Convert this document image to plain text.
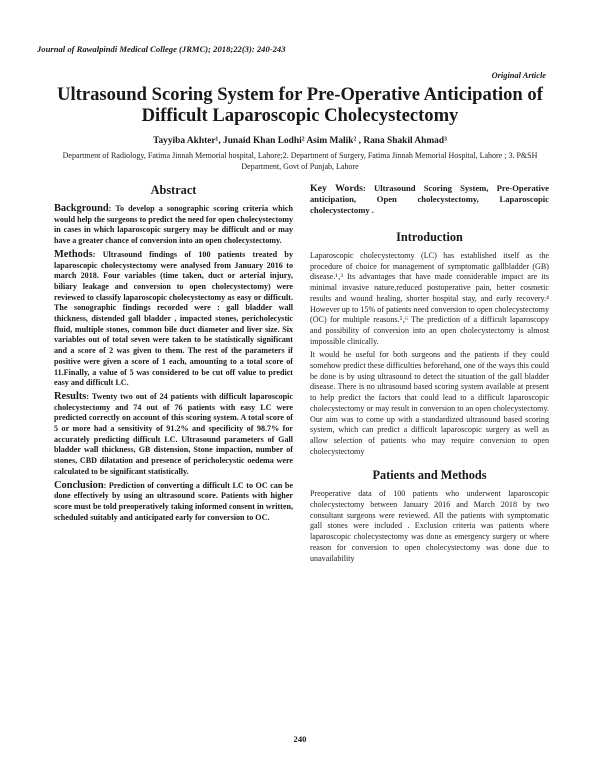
Journal of Rawalpindi Medical College (JRMC); 2018;22(3): 240-243
Original Article
Ultrasound Scoring System for Pre-Operative Anticipation of Difficult Laparoscopic Cholecystectomy
Tayyiba Akhter¹, Junaid Khan Lodhi² Asim Malik² , Rana Shakil Ahmad³
Department of Radiology, Fatima Jinnah Memorial hospital, Lahore;2. Department of Surgery, Fatima Jinnah Memorial Hospital, Lahore ; 3. P&SH Department, Govt of Punjab, Lahore
Abstract

Background: To develop a sonographic scoring criteria which would help the surgeons to predict the need for open cholecystectomy in cases in which laparoscopic surgery may be difficult and or may have a greater chance of conversion into an open cholecystectomy.

Methods: Ultrasound findings of 100 patients treated by laparoscopic cholecystectomy were analysed from January 2016 to march 2018. Four variables (time taken, duct or arterial injury, biliary leakage and conversion to open cholecystectomy) were reviewed to classify laparoscopic cholecystectomy as easy or difficult. The sonographic findings recorded were : gall bladder wall thickness, distended gall bladder , impacted stones, pericholecystic fluid, multiple stones, common bile duct diameter and liver size. Six variables out of total seven were taken to be statistically significant and a score of 2 was given to them. The rest of the parameters if positive were given a score of 1 each, amounting to a total score of 11.Finally, a value of 5 was considered to be cut off value to predict easy and difficult LC.

Results: Twenty two out of 24 patients with difficult laparoscopic cholecystectomy and 74 out of 76 patients with easy LC were predicted correctly on account of this scoring system. A total score of 5 or more had a sensitivity of 91.2% and specificity of 98.7% for accurately predicting difficult LC. Ultrasound parameters of Gall bladder wall thickness, GB distension, Stone impaction, number of stones, CBD dilatation and presence of pericholecystic oedema were calculated to be significant statistically.

Conclusion: Prediction of converting a difficult LC to OC can be done effectively by using an ultrasound score. Patients with higher score must be told preoperatively taking informed consent in written, scheduled suitably and anticipated early for conversion to OC.

Key Words: Ultrasound Scoring System, Pre-Operative anticipation, Open cholecystectomy, Laparoscopic cholecystectomy .

Introduction

Laparoscopic cholecystectomy (LC) has established itself as the procedure of choice for management of symptomatic gallbladder (GB) disease.¹‚³ Its advantages that have made considerable impact are its minimal invasive nature,reduced postoperative pain, better cosmetic results and wound healing, shorter hospital stay, and early recovery.⁴ However up to 15% of patients need conversion to open cholecystectomy (OC) for multiple reasons.⁵‚⁶ The prediction of a difficult laparoscopy and possibility of conversion into an open cholecystectomy is almost impossible clinically.

It would be useful for both surgeons and the patients if they could somehow predict these difficulties beforehand, one of the ways this could be done is by using ultrasound to detect the situation of the gall bladder disease. There is no ultrasound based scoring system available at present to help predict the factors that could lead to a difficult laparoscopic cholecystectomy or may result in conversion to an open cholecystectomy. Our aim was to come up with a standardized ultrasound based scoring system, which can predict a difficult laparoscopic surgery as well as allow selection of patients who may require conversion to open cholecystectomy

Patients and Methods

Preoperative data of 100 patients who underwent laparoscopic cholecystectomy between January 2016 and March 2018 by two consultant surgeons were reviewed. All the patients with symptomatic gall stones were included . Exclusion criteria was patients where laparoscopic cholecystectomy was done as emergency surgery or where reason for conversion to open cholecystectomy was done due to unavailability

240
